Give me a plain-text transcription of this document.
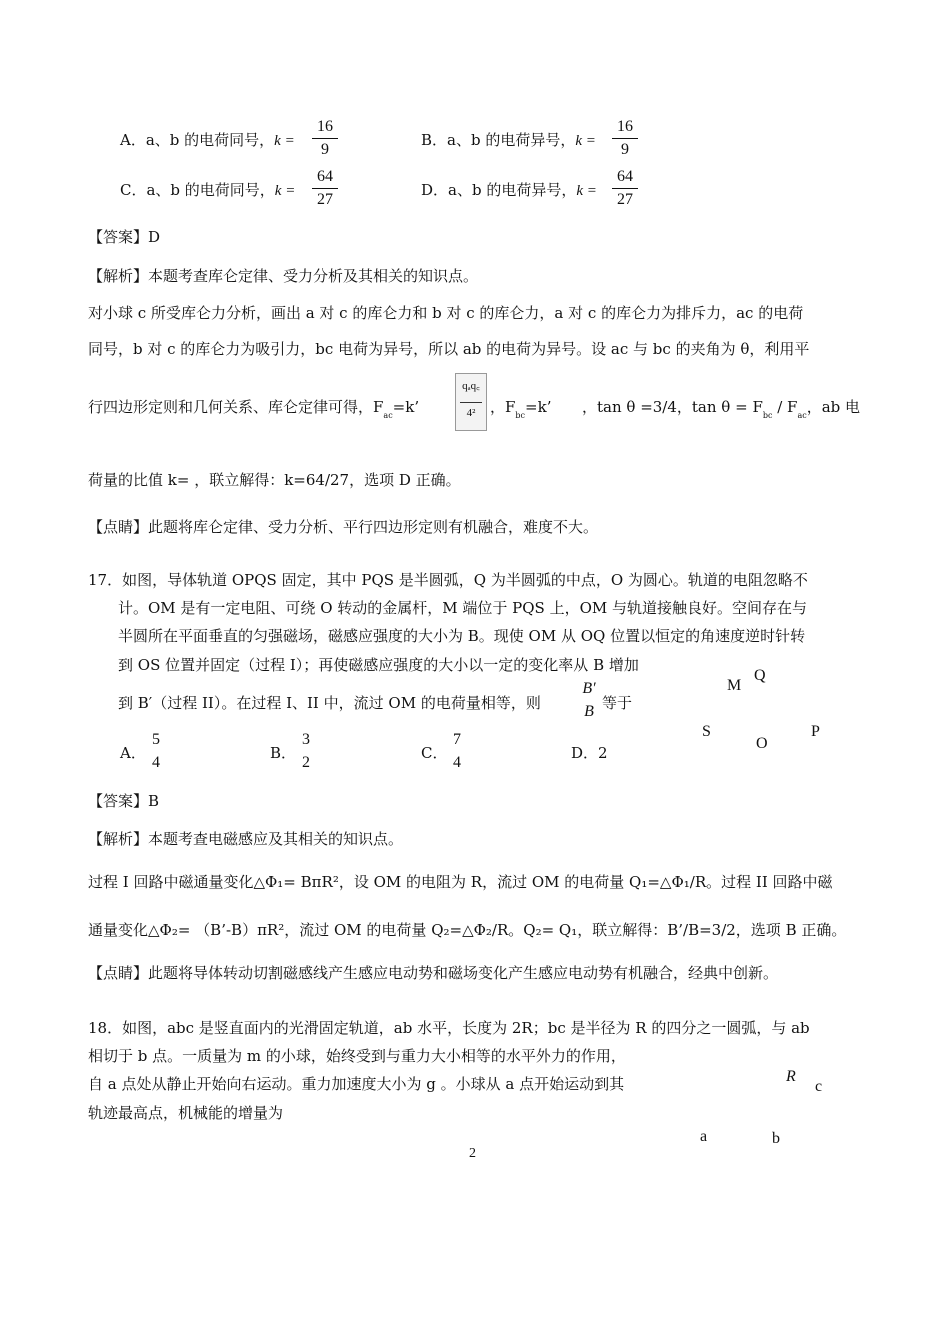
A．a、b 的电荷同号，k =
16
9
B．a、b 的电荷异号，k =
16
9
C．a、b 的电荷同号，k =
64
27
D．a、b 的电荷异号，k =
64
27
【答案】D
【解析】本题考查库仑定律、受力分析及其相关的知识点。
对小球 c 所受库仑力分析，画出 a 对 c 的库仑力和 b 对 c 的库仑力，a 对 c 的库仑力为排斥力，ac 的电荷
同号，b 对 c 的库仑力为吸引力，bc 电荷为异号，所以 ab 的电荷为异号。设 ac 与 bc 的夹角为 θ，利用平
行四边形定则和几何关系、库仑定律可得，$F_{ac}=k$’
qₐq꜀
4² ，$F_{bc}=k$’ ，tan θ =3/4，$\tan \theta = F_{bc} / F_{ac}$，ab 电
荷量的比值 k= ，联立解得：k=64/27，选项 D 正确。
【点睛】此题将库仑定律、受力分析、平行四边形定则有机融合，难度不大。
17．如图，导体轨道 OPQS 固定，其中 PQS 是半圆弧，Q 为半圆弧的中点，O 为圆心。轨道的电阻忽略不
计。OM 是有一定电阻、可绕 O 转动的金属杆，M 端位于 PQS 上，OM 与轨道接触良好。空间存在与
半圆所在平面垂直的匀强磁场，磁感应强度的大小为 B。现使 OM 从 OQ 位置以恒定的角速度逆时针转
到 OS 位置并固定（过程 I）；再使磁感应强度的大小以一定的变化率从 B 增加
到 B′（过程 II）。在过程 I、II 中，流过 OM 的电荷量相等，则
B′
B 等于
M
Q
S
O
P
A．
5
4
B．
3
2
C．
7
4
D．2
【答案】B
【解析】本题考查电磁感应及其相关的知识点。
过程 I 回路中磁通量变化△Φ₁= BπR²，设 OM 的电阻为 R，流过 OM 的电荷量 Q₁=△Φ₁/R。过程 II 回路中磁
通量变化△Φ₂= （B’-B）πR²，流过 OM 的电荷量 Q₂=△Φ₂/R。Q₂= Q₁，联立解得：B’/B=3/2，选项 B 正确。
【点睛】此题将导体转动切割磁感线产生感应电动势和磁场变化产生感应电动势有机融合，经典中创新。
18．如图，abc 是竖直面内的光滑固定轨道，ab 水平，长度为 2R；bc 是半径为 R 的四分之一圆弧，与 ab
相切于 b 点。一质量为 m 的小球，始终受到与重力大小相等的水平外力的作用，
自 a 点处从静止开始向右运动。重力加速度大小为 g 。小球从 a 点开始运动到其
轨迹最高点，机械能的增量为
R
c
a	b
2
